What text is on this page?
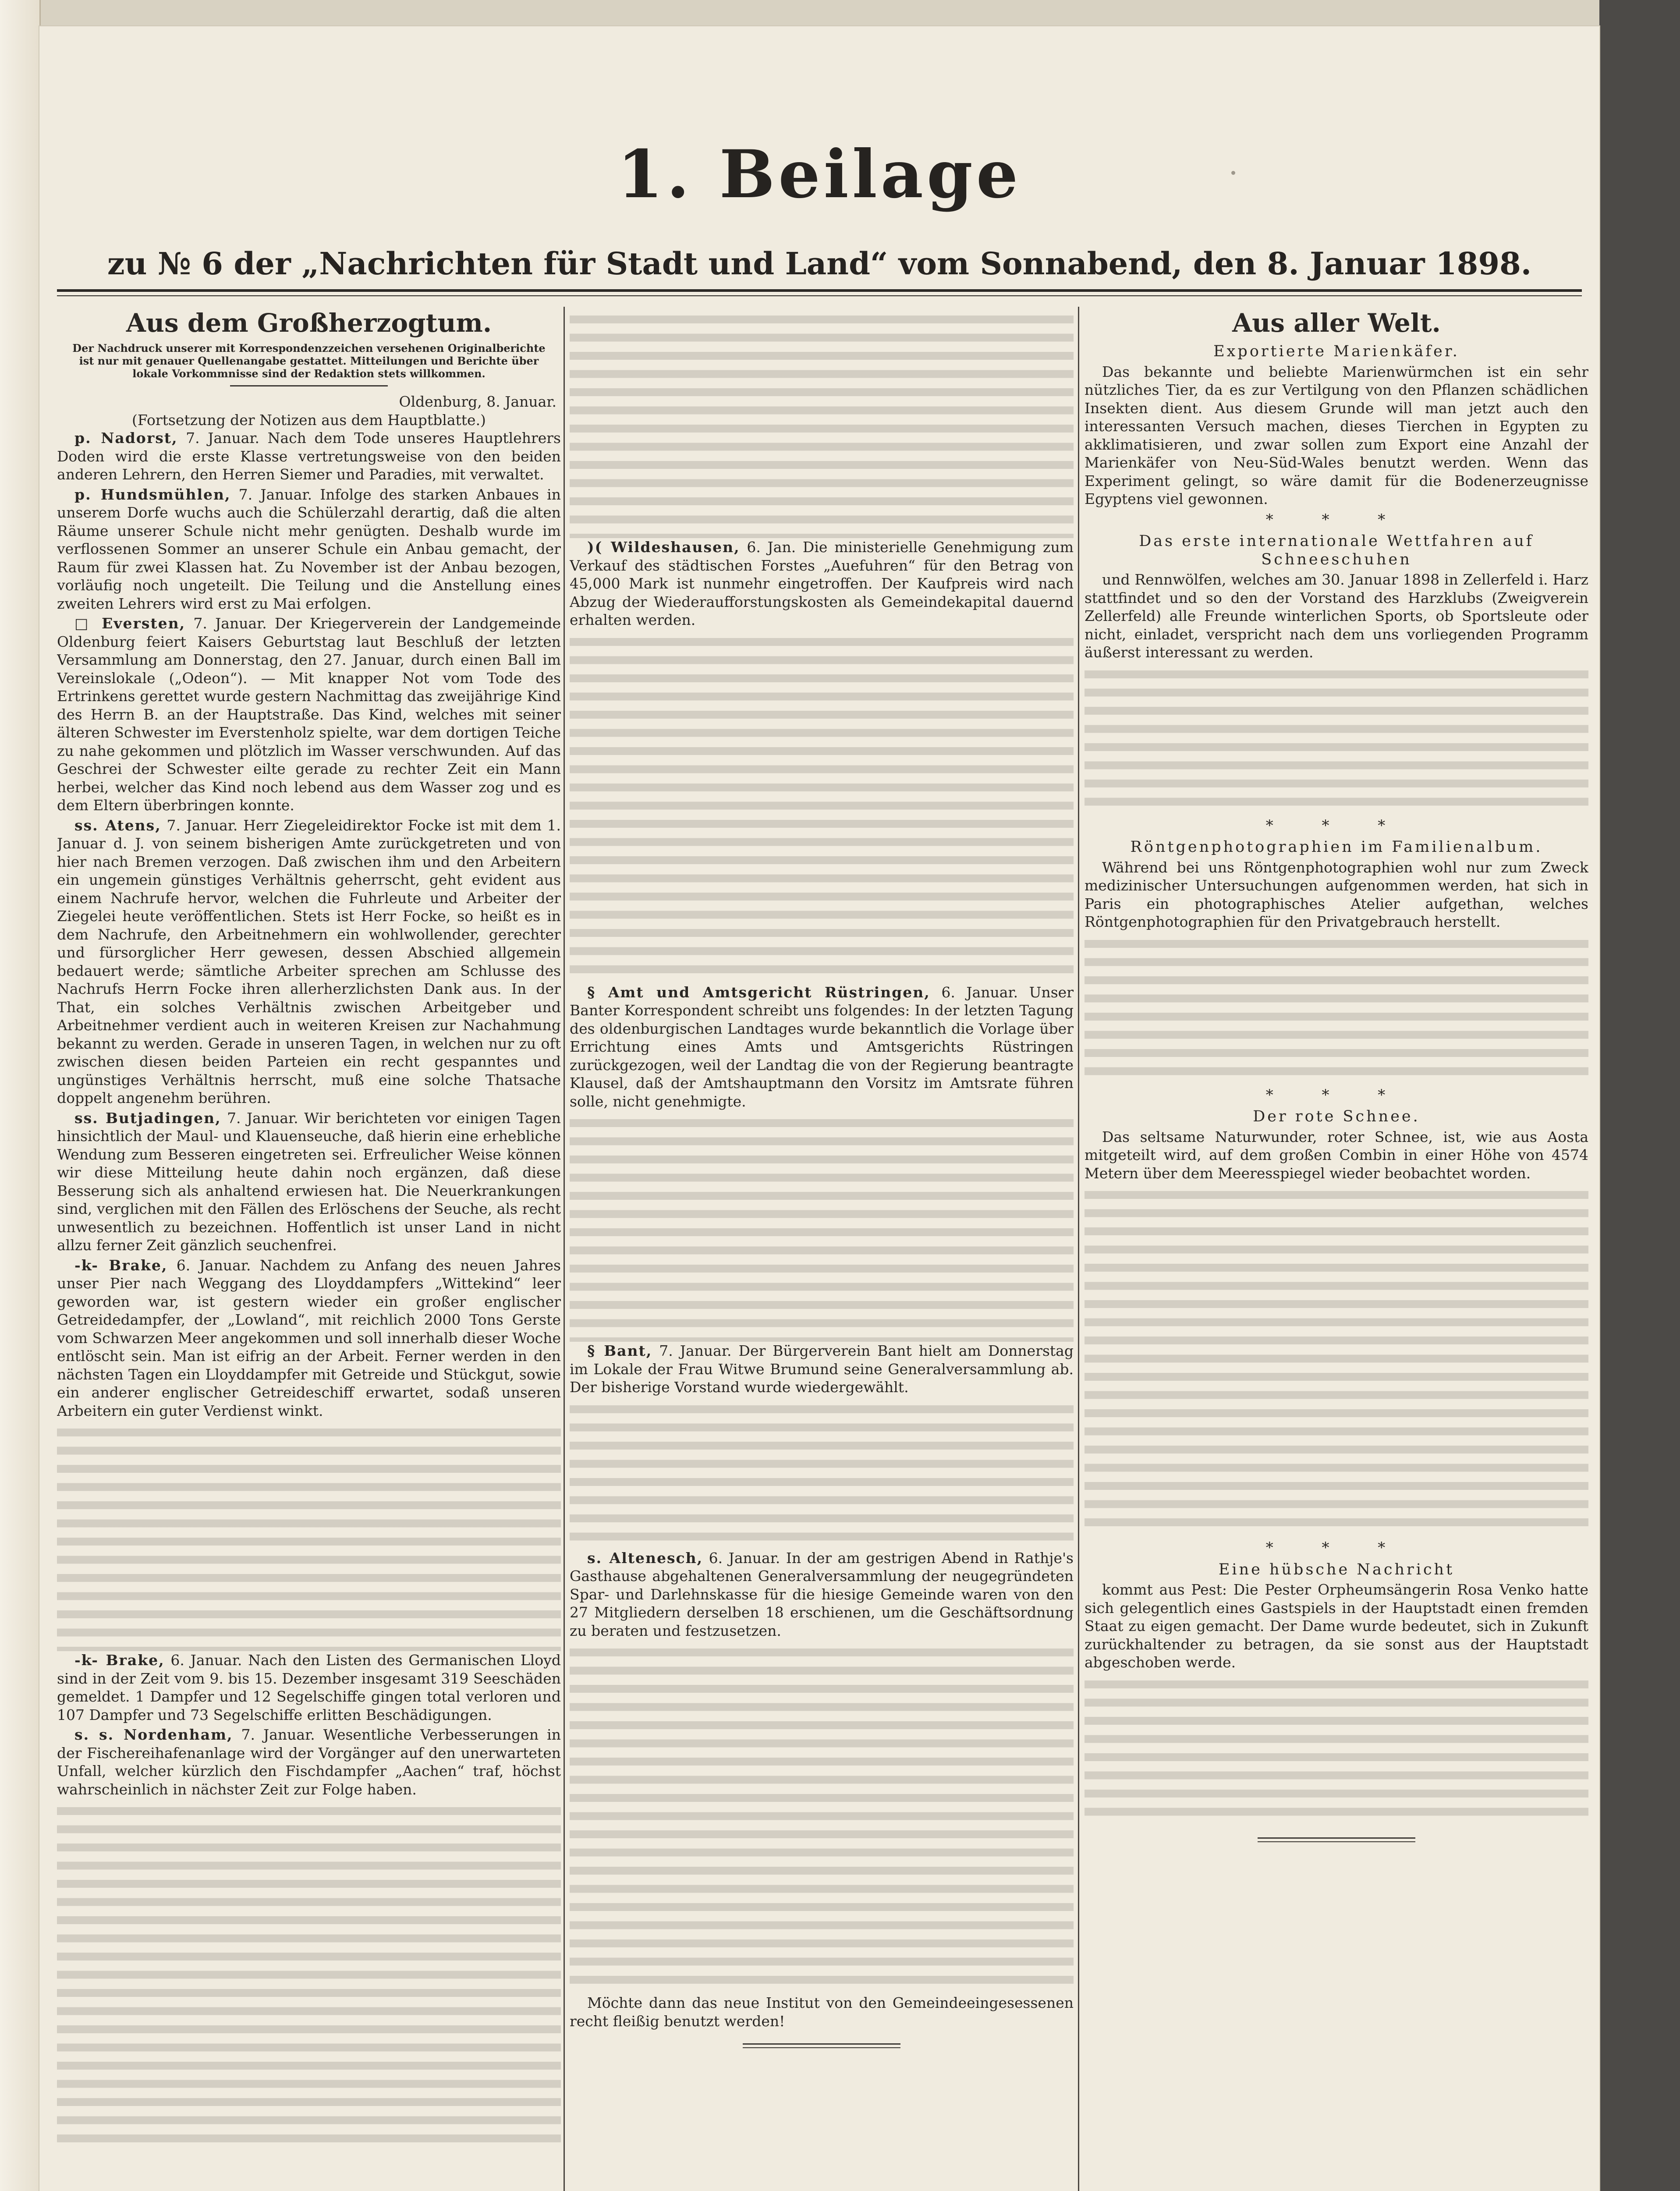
1. Beilage
zu № 6 der „Nachrichten für Stadt und Land“ vom Sonnabend, den 8. Januar 1898.
Aus dem Großherzogtum.
Der Nachdruck unserer mit Korrespondenzzeichen versehenen Originalberichte ist nur mit genauer Quellenangabe gestattet. Mitteilungen und Berichte über lokale Vorkommnisse sind der Redaktion stets willkommen.
Oldenburg, 8. Januar.
(Fortsetzung der Notizen aus dem Hauptblatte.)

p. Nadorst, 7. Januar. Nach dem Tode unseres Hauptlehrers Doden wird die erste Klasse vertretungsweise von den beiden anderen Lehrern, den Herren Siemer und Paradies, mit verwaltet.

p. Hundsmühlen, 7. Januar. Infolge des starken Anbaues in unserem Dorfe wuchs auch die Schülerzahl derartig, daß die alten Räume unserer Schule nicht mehr genügten. Deshalb wurde im verflossenen Sommer an unserer Schule ein Anbau gemacht, der Raum für zwei Klassen hat. Zu November ist der Anbau bezogen, vorläufig noch ungeteilt. Die Teilung und die Anstellung eines zweiten Lehrers wird erst zu Mai erfolgen.

□ Eversten, 7. Januar. Der Kriegerverein der Landgemeinde Oldenburg feiert Kaisers Geburtstag laut Beschluß der letzten Versammlung am Donnerstag, den 27. Januar, durch einen Ball im Vereinslokale („Odeon“). — Mit knapper Not vom Tode des Ertrinkens gerettet wurde gestern Nachmittag das zweijährige Kind des Herrn B. an der Hauptstraße. Das Kind, welches mit seiner älteren Schwester im Everstenholz spielte, war dem dortigen Teiche zu nahe gekommen und plötzlich im Wasser verschwunden. Auf das Geschrei der Schwester eilte gerade zu rechter Zeit ein Mann herbei, welcher das Kind noch lebend aus dem Wasser zog und es dem Eltern überbringen konnte.

ss. Atens, 7. Januar. Herr Ziegeleidirektor Focke ist mit dem 1. Januar d. J. von seinem bisherigen Amte zurückgetreten und von hier nach Bremen verzogen. Daß zwischen ihm und den Arbeitern ein ungemein günstiges Verhältnis geherrscht, geht evident aus einem Nachrufe hervor, welchen die Fuhrleute und Arbeiter der Ziegelei heute veröffentlichen. Stets ist Herr Focke, so heißt es in dem Nachrufe, den Arbeitnehmern ein wohlwollender, gerechter und fürsorglicher Herr gewesen, dessen Abschied allgemein bedauert werde; sämtliche Arbeiter sprechen am Schlusse des Nachrufs Herrn Focke ihren allerherzlichsten Dank aus. In der That, ein solches Verhältnis zwischen Arbeitgeber und Arbeitnehmer verdient auch in weiteren Kreisen zur Nachahmung bekannt zu werden. Gerade in unseren Tagen, in welchen nur zu oft zwischen diesen beiden Parteien ein recht gespanntes und ungünstiges Verhältnis herrscht, muß eine solche Thatsache doppelt angenehm berühren.

ss. Butjadingen, 7. Januar. Wir berichteten vor einigen Tagen hinsichtlich der Maul- und Klauenseuche, daß hierin eine erhebliche Wendung zum Besseren eingetreten sei. Erfreulicher Weise können wir diese Mitteilung heute dahin noch ergänzen, daß diese Besserung sich als anhaltend erwiesen hat. Die Neuerkrankungen sind, verglichen mit den Fällen des Erlöschens der Seuche, als recht unwesentlich zu bezeichnen. Hoffentlich ist unser Land in nicht allzu ferner Zeit gänzlich seuchenfrei.

-k- Brake, 6. Januar. Nachdem zu Anfang des neuen Jahres unser Pier nach Weggang des Lloyddampfers „Wittekind“ leer geworden war, ist gestern wieder ein großer englischer Getreidedampfer, der „Lowland“, mit reichlich 2000 Tons Gerste vom Schwarzen Meer angekommen und soll innerhalb dieser Woche entlöscht sein. Man ist eifrig an der Arbeit. Ferner werden in den nächsten Tagen ein Lloyddampfer mit Getreide und Stückgut, sowie ein anderer englischer Getreideschiff erwartet, sodaß unseren Arbeitern ein guter Verdienst winkt.

-k- Brake, 6. Januar. Nach den Listen des Germanischen Lloyd sind in der Zeit vom 9. bis 15. Dezember insgesamt 319 Seeschäden gemeldet. 1 Dampfer und 12 Segelschiffe gingen total verloren und 107 Dampfer und 73 Segelschiffe erlitten Beschädigungen.

s. s. Nordenham, 7. Januar. Wesentliche Verbesserungen in der Fischereihafenanlage wird der Vorgänger auf den unerwarteten Unfall, welcher kürzlich den Fischdampfer „Aachen“ traf, höchst wahrscheinlich in nächster Zeit zur Folge haben.

)( Wildeshausen, 6. Jan. Die ministerielle Genehmigung zum Verkauf des städtischen Forstes „Auefuhren“ für den Betrag von 45,000 Mark ist nunmehr eingetroffen. Der Kaufpreis wird nach Abzug der Wiederaufforstungskosten als Gemeindekapital dauernd erhalten werden.

§ Amt und Amtsgericht Rüstringen, 6. Januar. Unser Banter Korrespondent schreibt uns folgendes: In der letzten Tagung des oldenburgischen Landtages wurde bekanntlich die Vorlage über Errichtung eines Amts und Amtsgerichts Rüstringen zurückgezogen, weil der Landtag die von der Regierung beantragte Klausel, daß der Amtshauptmann den Vorsitz im Amtsrate führen solle, nicht genehmigte.

§ Bant, 7. Januar. Der Bürgerverein Bant hielt am Donnerstag im Lokale der Frau Witwe Brumund seine Generalversammlung ab. Der bisherige Vorstand wurde wiedergewählt.

s. Altenesch, 6. Januar. In der am gestrigen Abend in Rathje's Gasthause abgehaltenen Generalversammlung der neugegründeten Spar- und Darlehnskasse für die hiesige Gemeinde waren von den 27 Mitgliedern derselben 18 erschienen, um die Geschäftsordnung zu beraten und festzusetzen.

Möchte dann das neue Institut von den Gemeindeeingesessenen recht fleißig benutzt werden!

Aus aller Welt.
Exportierte Marienkäfer.

Das bekannte und beliebte Marienwürmchen ist ein sehr nützliches Tier, da es zur Vertilgung von den Pflanzen schädlichen Insekten dient. Aus diesem Grunde will man jetzt auch den interessanten Versuch machen, dieses Tierchen in Egypten zu akklimatisieren, und zwar sollen zum Export eine Anzahl der Marienkäfer von Neu-Süd-Wales benutzt werden. Wenn das Experiment gelingt, so wäre damit für die Bodenerzeugnisse Egyptens viel gewonnen.

* * *
Das erste internationale Wettfahren auf Schneeschuhen

und Rennwölfen, welches am 30. Januar 1898 in Zellerfeld i. Harz stattfindet und so den der Vorstand des Harzklubs (Zweigverein Zellerfeld) alle Freunde winterlichen Sports, ob Sportsleute oder nicht, einladet, verspricht nach dem uns vorliegenden Programm äußerst interessant zu werden.

* * *
Röntgenphotographien im Familienalbum.

Während bei uns Röntgenphotographien wohl nur zum Zweck medizinischer Untersuchungen aufgenommen werden, hat sich in Paris ein photographisches Atelier aufgethan, welches Röntgenphotographien für den Privatgebrauch herstellt.

* * *
Der rote Schnee.

Das seltsame Naturwunder, roter Schnee, ist, wie aus Aosta mitgeteilt wird, auf dem großen Combin in einer Höhe von 4574 Metern über dem Meeresspiegel wieder beobachtet worden.

* * *
Eine hübsche Nachricht

kommt aus Pest: Die Pester Orpheumsängerin Rosa Venko hatte sich gelegentlich eines Gastspiels in der Hauptstadt einen fremden Staat zu eigen gemacht. Der Dame wurde bedeutet, sich in Zukunft zurückhaltender zu betragen, da sie sonst aus der Hauptstadt abgeschoben werde.
